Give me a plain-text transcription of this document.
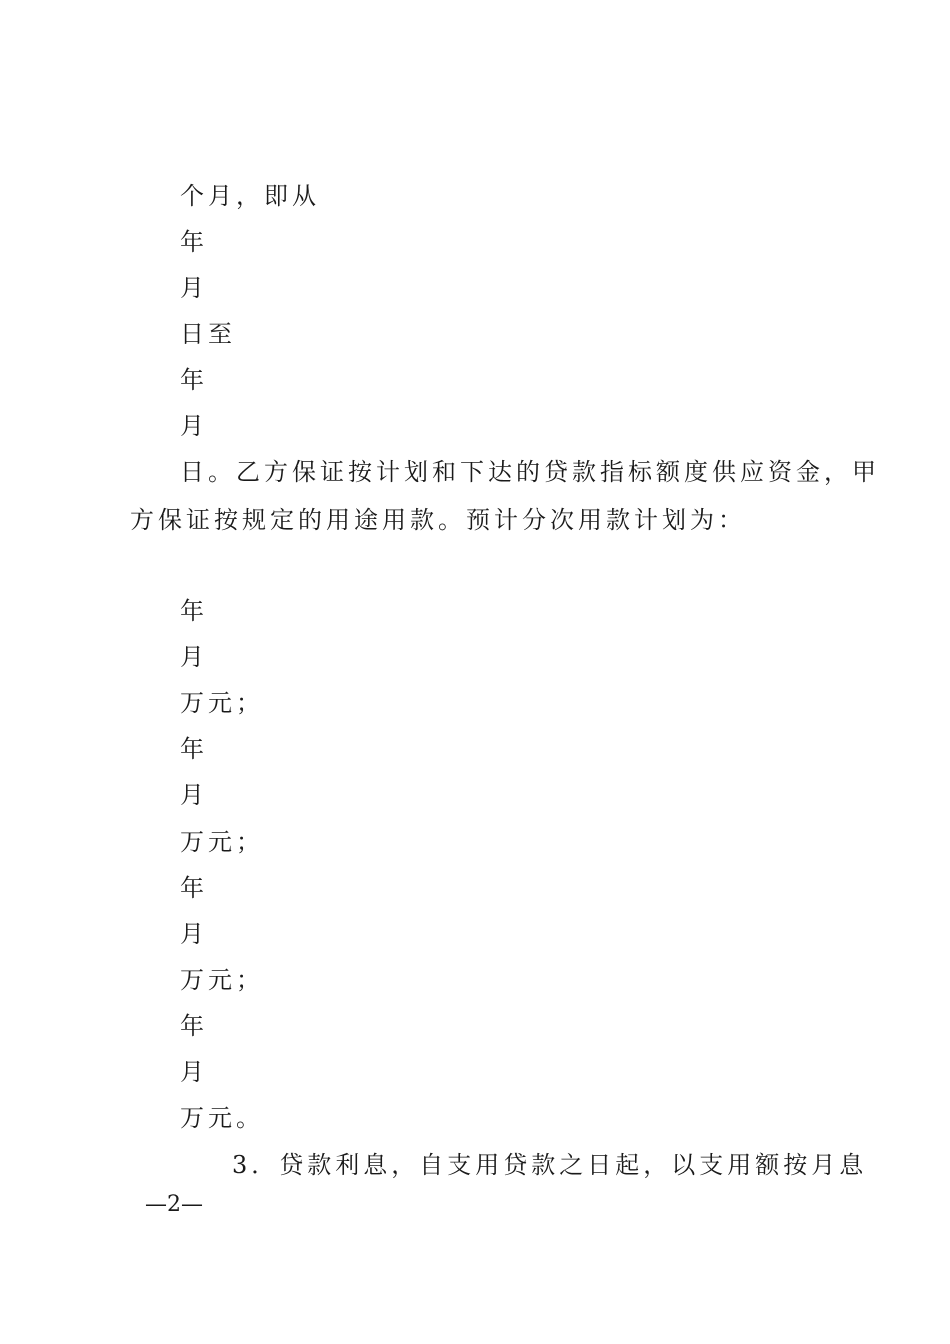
个月，即从
年
月
日至
年
月
日。乙方保证按计划和下达的贷款指标额度供应资金，甲
方保证按规定的用途用款。预计分次用款计划为：
年
月
万元；
年
月
万元；
年
月
万元；
年
月
万元。
3．贷款利息，自支用贷款之日起，以支用额按月息
—2—
